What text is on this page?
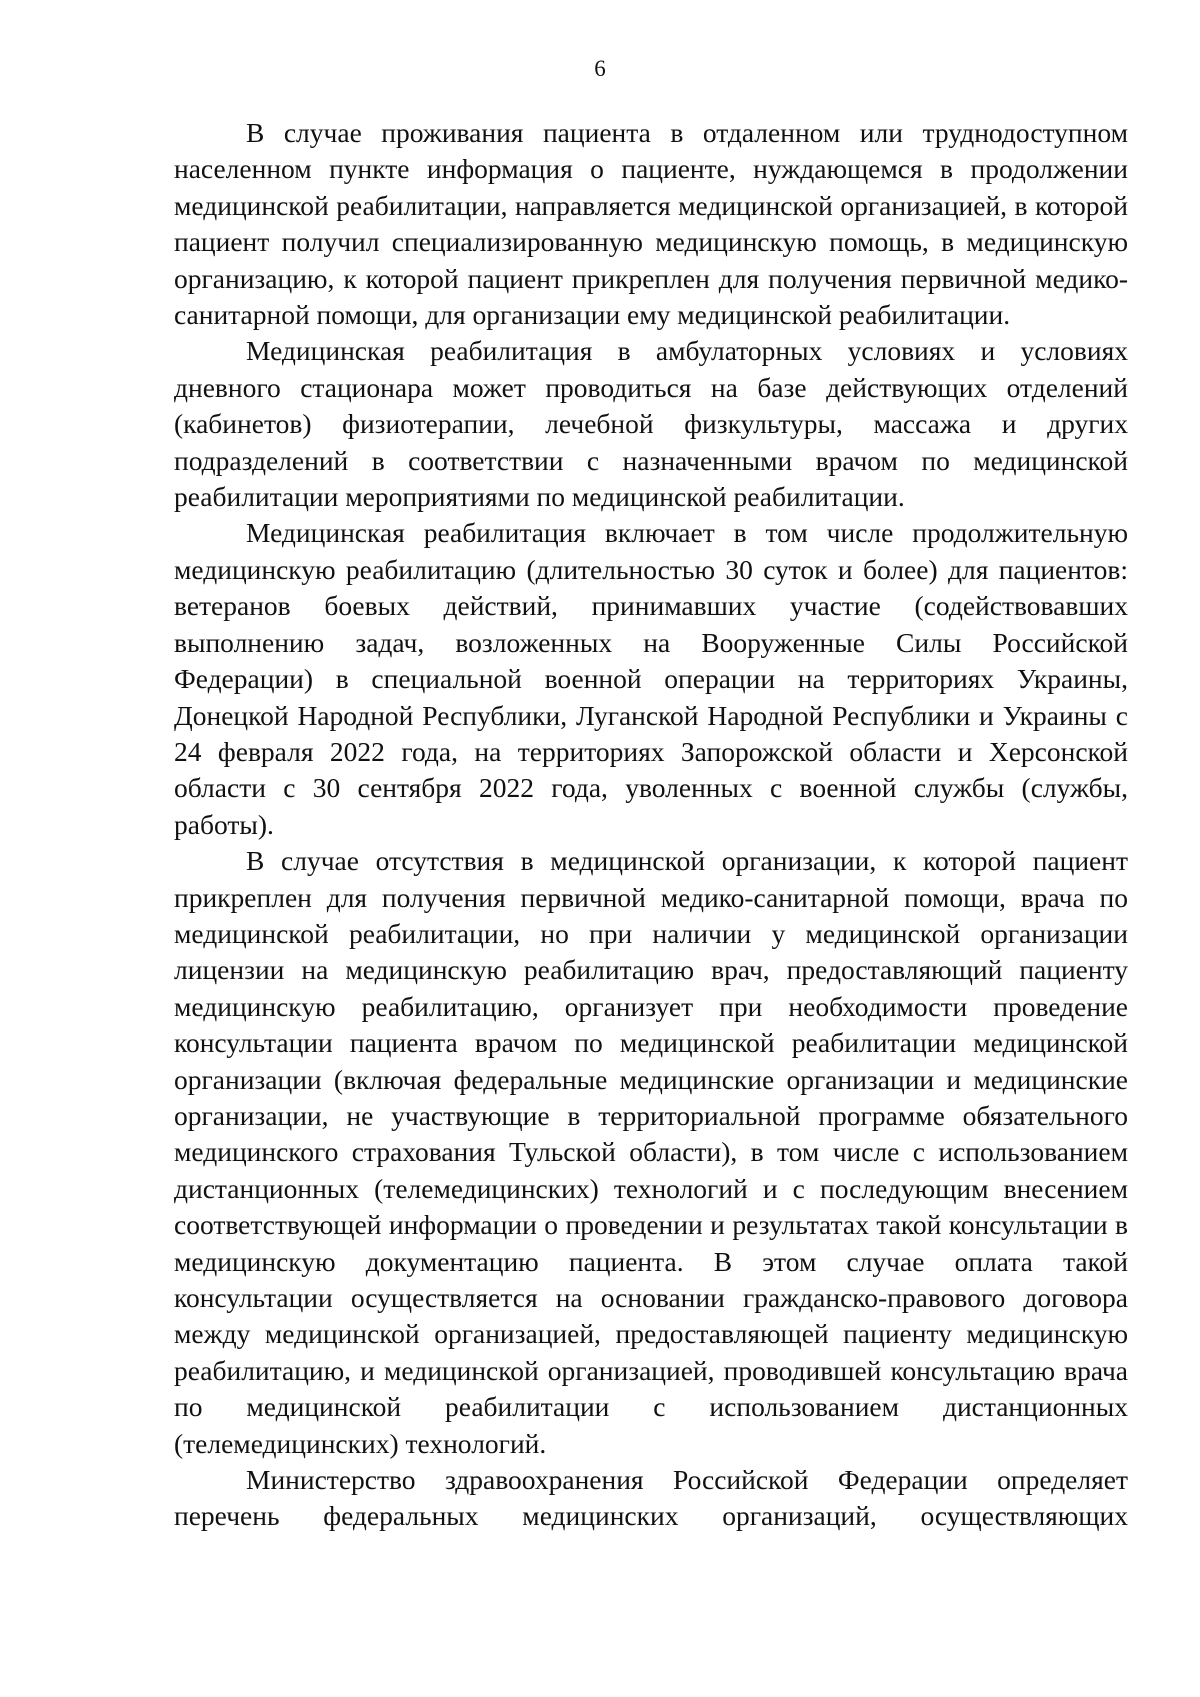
6

В случае проживания пациента в отдаленном или труднодоступном населенном пункте информация о пациенте, нуждающемся в продолжении медицинской реабилитации, направляется медицинской организацией, в которой пациент получил специализированную медицинскую помощь, в медицинскую организацию, к которой пациент прикреплен для получения первичной медико-санитарной помощи, для организации ему медицинской реабилитации.

Медицинская реабилитация в амбулаторных условиях и условиях дневного стационара может проводиться на базе действующих отделений (кабинетов) физиотерапии, лечебной физкультуры, массажа и других подразделений в соответствии с назначенными врачом по медицинской реабилитации мероприятиями по медицинской реабилитации.

Медицинская реабилитация включает в том числе продолжительную медицинскую реабилитацию (длительностью 30 суток и более) для пациентов: ветеранов боевых действий, принимавших участие (содействовавших выполнению задач, возложенных на Вооруженные Силы Российской Федерации) в специальной военной операции на территориях Украины, Донецкой Народной Республики, Луганской Народной Республики и Украины с 24 февраля 2022 года, на территориях Запорожской области и Херсонской области с 30 сентября 2022 года, уволенных с военной службы (службы, работы).

В случае отсутствия в медицинской организации, к которой пациент прикреплен для получения первичной медико-санитарной помощи, врача по медицинской реабилитации, но при наличии у медицинской организации лицензии на медицинскую реабилитацию врач, предоставляющий пациенту медицинскую реабилитацию, организует при необходимости проведение консультации пациента врачом по медицинской реабилитации медицинской организации (включая федеральные медицинские организации и медицинские организации, не участвующие в территориальной программе обязательного медицинского страхования Тульской области), в том числе с использованием дистанционных (телемедицинских) технологий и с последующим внесением соответствующей информации о проведении и результатах такой консультации в медицинскую документацию пациента. В этом случае оплата такой консультации осуществляется на основании гражданско-правового договора между медицинской организацией, предоставляющей пациенту медицинскую реабилитацию, и медицинской организацией, проводившей консультацию врача по медицинской реабилитации с использованием дистанционных (телемедицинских) технологий.

Министерство здравоохранения Российской Федерации определяет перечень федеральных медицинских организаций, осуществляющих
